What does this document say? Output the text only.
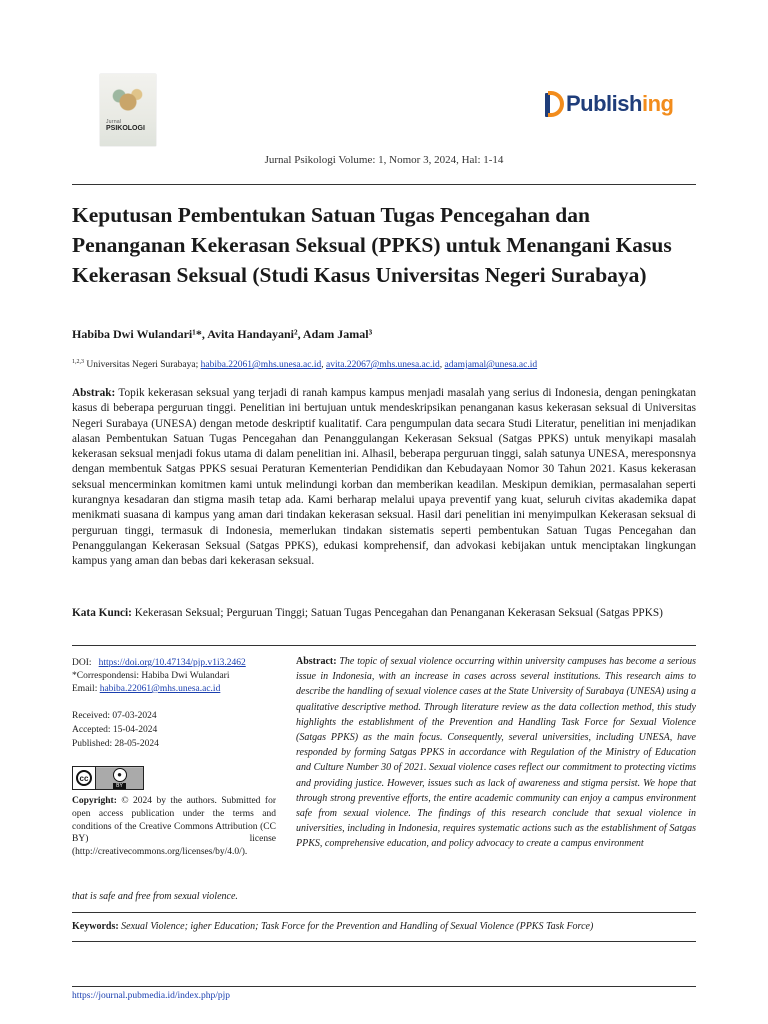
Jurnal
PSIKOLOGI
Publish ing
Jurnal Psikologi Volume: 1, Nomor 3, 2024, Hal: 1-14
Keputusan Pembentukan Satuan Tugas Pencegahan dan Penanganan Kekerasan Seksual (PPKS) untuk Menangani Kasus Kekerasan Seksual (Studi Kasus Universitas Negeri Surabaya)
Habiba Dwi Wulandari¹*, Avita Handayani², Adam Jamal³
$^{1,2,3}$ Universitas Negeri Surabaya; habiba.22061@mhs.unesa.ac.id, avita.22067@mhs.unesa.ac.id, adamjamal@unesa.ac.id
Abstrak: Topik kekerasan seksual yang terjadi di ranah kampus kampus menjadi masalah yang serius di Indonesia, dengan peningkatan kasus di beberapa perguruan tinggi. Penelitian ini bertujuan untuk mendeskripsikan penanganan kasus kekerasan seksual di Universitas Negeri Surabaya (UNESA) dengan metode deskriptif kualitatif. Cara pengumpulan data secara Studi Literatur, penelitian ini menjadikan alasan Pembentukan Satuan Tugas Pencegahan dan Penanggulangan Kekerasan Seksual (Satgas PPKS) untuk menyikapi masalah kekerasan seksual menjadi fokus utama di dalam penelitian ini. Alhasil, beberapa perguruan tinggi, salah satunya UNESA, meresponsnya dengan membentuk Satgas PPKS sesuai Peraturan Kementerian Pendidikan dan Kebudayaan Nomor 30 Tahun 2021. Kasus kekerasan seksual mencerminkan komitmen kami untuk melindungi korban dan memberikan keadilan. Meskipun demikian, permasalahan seperti kurangnya kesadaran dan stigma masih tetap ada. Kami berharap melalui upaya preventif yang kuat, seluruh civitas akademika dapat menikmati suasana di kampus yang aman dari tindakan kekerasan seksual. Hasil dari penelitian ini menyimpulkan Kekerasan seksual di perguruan tinggi, termasuk di Indonesia, memerlukan tindakan sistematis seperti pembentukan Satuan Tugas Pencegahan dan Penanggulangan Kekerasan Seksual (Satgas PPKS), edukasi komprehensif, dan advokasi kebijakan untuk menciptakan lingkungan kampus yang aman dan bebas dari kekerasan seksual.
Kata Kunci: Kekerasan Seksual; Perguruan Tinggi; Satuan Tugas Pencegahan dan Penanganan Kekerasan Seksual (Satgas PPKS)
DOI: https://doi.org/10.47134/pjp.v1i3.2462
*Correspondensi: Habiba Dwi Wulandari
Email: habiba.22061@mhs.unesa.ac.id
Received: 07-03-2024
Accepted: 15-04-2024
Published: 28-05-2024
cc	●
BY
Copyright: © 2024 by the authors. Submitted for open access publication under the terms and conditions of the Creative Commons Attribution (CC BY) license (http://creativecommons.org/licenses/by/4.0/).
that is safe and free from sexual violence.
Abstract: The topic of sexual violence occurring within university campuses has become a serious issue in Indonesia, with an increase in cases across several institutions. This research aims to describe the handling of sexual violence cases at the State University of Surabaya (UNESA) using a qualitative descriptive method. Through literature review as the data collection method, this study highlights the establishment of the Prevention and Handling Task Force for Sexual Violence (Satgas PPKS) as the main focus. Consequently, several universities, including UNESA, have responded by forming Satgas PPKS in accordance with Regulation of the Ministry of Education and Culture Number 30 of 2021. Sexual violence cases reflect our commitment to protecting victims and providing justice. However, issues such as lack of awareness and stigma persist. We hope that through strong preventive efforts, the entire academic community can enjoy a campus environment safe from sexual violence. The findings of this research conclude that sexual violence in universities, including in Indonesia, requires systematic actions such as the establishment of Satgas PPKS, comprehensive education, and policy advocacy to create a campus environment
Keywords: Sexual Violence; igher Education; Task Force for the Prevention and Handling of Sexual Violence (PPKS Task Force)
https://journal.pubmedia.id/index.php/pjp
